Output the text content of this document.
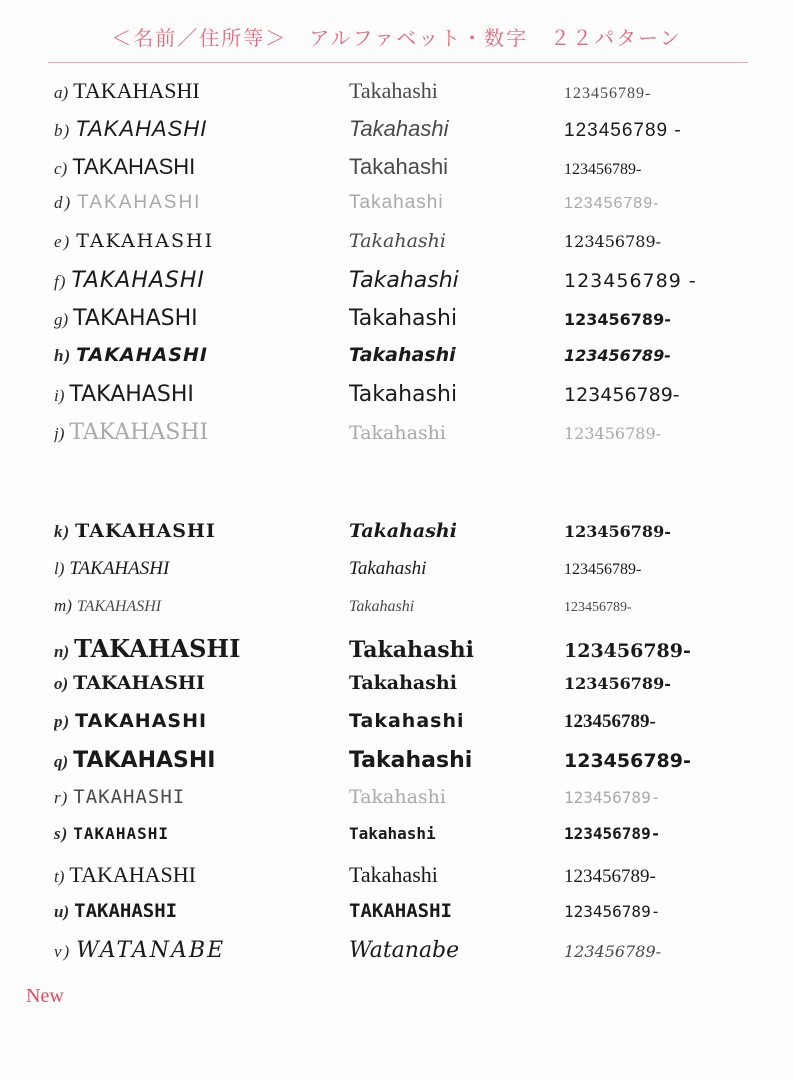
＜名前／住所等＞　アルファベット・数字　２２パターン
a) TAKAHASHI	Takahashi	123456789-
b) TAKAHASHI	Takahashi	123456789 -
c) TAKAHASHI	Takahashi	123456789-
d) TAKAHASHI	Takahashi	123456789-
e) TAKAHASHI	Takahashi	123456789-
f) TAKAHASHI	Takahashi	123456789 -
g) TAKAHASHI	Takahashi	123456789-
h) TAKAHASHI	Takahashi	123456789-
i) TAKAHASHI	Takahashi	123456789-
j) TAKAHASHI	Takahashi	123456789-
k) TAKAHASHI	Takahashi	123456789-
l) TAKAHASHI	Takahashi	123456789-
m) TAKAHASHI	Takahashi	123456789-
n) TAKAHASHI	Takahashi	123456789-
o) TAKAHASHI	Takahashi	123456789-
p) TAKAHASHI	Takahashi	123456789-
q) TAKAHASHI	Takahashi	123456789-
r) TAKAHASHI	Takahashi	123456789-
s) TAKAHASHI	Takahashi	123456789-
t) TAKAHASHI	Takahashi	123456789-
u) TAKAHASHI	TAKAHASHI	123456789-
v) WATANABE	Watanabe	123456789-
New
